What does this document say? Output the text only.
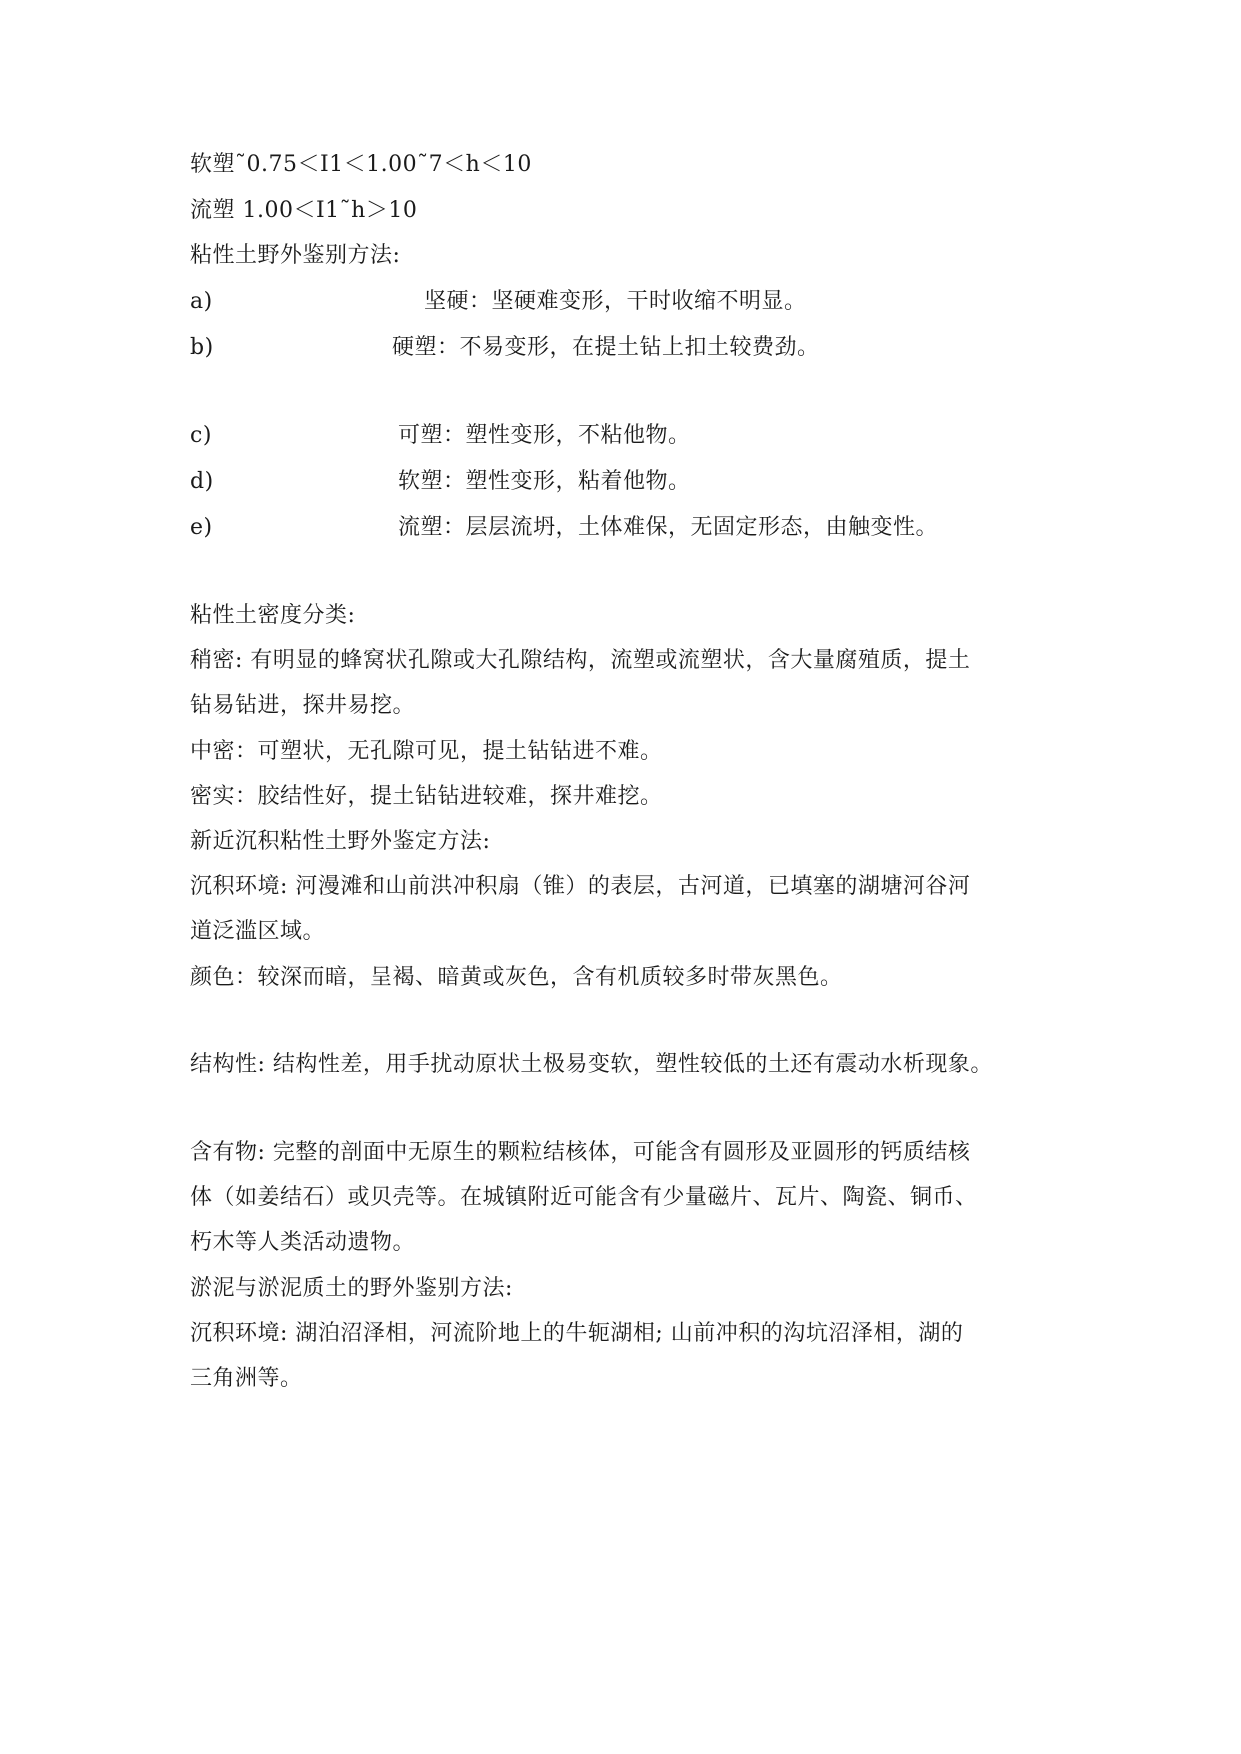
软塑˜0.75＜I1＜1.00˜7＜h＜10
流塑 1.00＜I1˜h＞10
粘性土野外鉴别方法:
a)	坚硬：坚硬难变形，干时收缩不明显。
b)	硬塑：不易变形，在提土钻上扣土较费劲。
c)	可塑：塑性变形，不粘他物。
d)	软塑：塑性变形，粘着他物。
e)	流塑：层层流坍，土体难保，无固定形态，由触变性。
粘性土密度分类:
稍密: 有明显的蜂窝状孔隙或大孔隙结构，流塑或流塑状，含大量腐殖质，提土
钻易钻进，探井易挖。
中密：可塑状，无孔隙可见，提土钻钻进不难。
密实：胶结性好，提土钻钻进较难，探井难挖。
新近沉积粘性土野外鉴定方法:
沉积环境: 河漫滩和山前洪冲积扇（锥）的表层，古河道，已填塞的湖塘河谷河
道泛滥区域。
颜色：较深而暗，呈褐、暗黄或灰色，含有机质较多时带灰黑色。
结构性: 结构性差，用手扰动原状土极易变软，塑性较低的土还有震动水析现象。
含有物: 完整的剖面中无原生的颗粒结核体，可能含有圆形及亚圆形的钙质结核
体（如姜结石）或贝壳等。在城镇附近可能含有少量磁片、瓦片、陶瓷、铜币、
朽木等人类活动遗物。
淤泥与淤泥质土的野外鉴别方法:
沉积环境: 湖泊沼泽相，河流阶地上的牛轭湖相; 山前冲积的沟坑沼泽相，湖的
三角洲等。
